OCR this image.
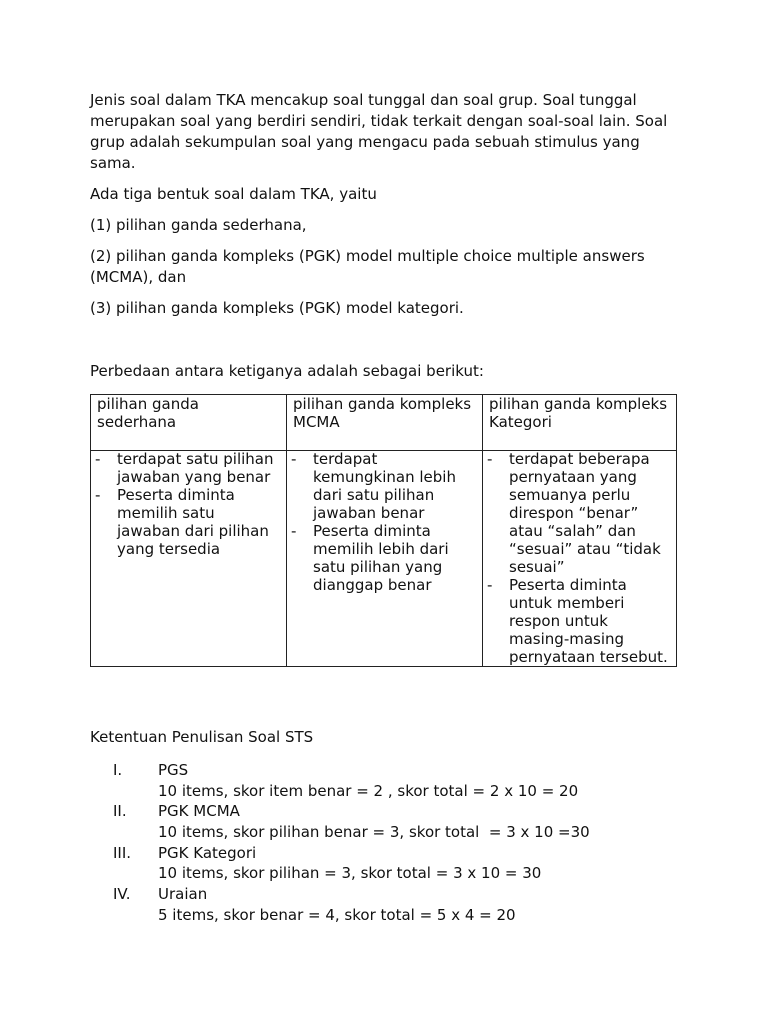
Jenis soal dalam TKA mencakup soal tunggal dan soal grup. Soal tunggal
merupakan soal yang berdiri sendiri, tidak terkait dengan soal-soal lain. Soal
grup adalah sekumpulan soal yang mengacu pada sebuah stimulus yang
sama.
Ada tiga bentuk soal dalam TKA, yaitu
(1) pilihan ganda sederhana,
(2) pilihan ganda kompleks (PGK) model multiple choice multiple answers
(MCMA), dan
(3) pilihan ganda kompleks (PGK) model kategori.
Perbedaan antara ketiganya adalah sebagai berikut:
pilihan ganda
sederhana
pilihan ganda kompleks
MCMA
pilihan ganda kompleks
Kategori
- terdapat satu pilihan
jawaban yang benar
- Peserta diminta
memilih satu
jawaban dari pilihan
yang tersedia
- terdapat
kemungkinan lebih
dari satu pilihan
jawaban benar
- Peserta diminta
memilih lebih dari
satu pilihan yang
dianggap benar
- terdapat beberapa
pernyataan yang
semuanya perlu
direspon “benar”
atau “salah” dan
“sesuai” atau “tidak
sesuai”
- Peserta diminta
untuk memberi
respon untuk
masing-masing
pernyataan tersebut.
Ketentuan Penulisan Soal STS
I. PGS
10 items, skor item benar = 2 , skor total = 2 x 10 = 20
II. PGK MCMA
10 items, skor pilihan benar = 3, skor total  = 3 x 10 =30
III. PGK Kategori
10 items, skor pilihan = 3, skor total = 3 x 10 = 30
IV. Uraian
5 items, skor benar = 4, skor total = 5 x 4 = 20
